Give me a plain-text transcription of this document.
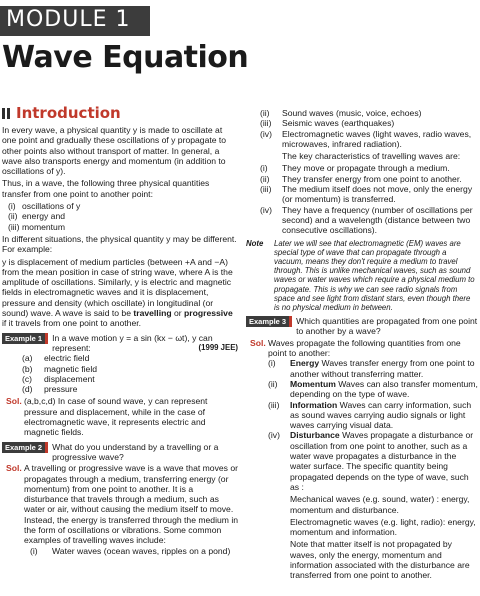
MODULE 1
Wave Equation
Introduction

In every wave, a physical quantity y is made to oscillate at one point and gradually these oscillations of y propagate to other points also without transport of matter. In general, a wave also transports energy and momentum (in addition to oscillations of y).

Thus, in a wave, the following three physical quantities transfer from one point to another point:

(i) oscillations of y
(ii) energy and
(iii) momentum

In different situations, the physical quantity y may be different. For example:

y is displacement of medium particles (between +A and −A) from the mean position in case of string wave, where A is the amplitude of oscillations. Similarly, y is electric and magnetic fields in electromagnetic waves and it is displacement, pressure and density (which oscillate) in longitudinal (or sound) wave. A wave is said to be travelling or progressive if it travels from one point to another.

Example 1	In a wave motion y = a sin (kx − ωt), y can represent:	(1999 JEE)
(a)	electric field
(b)	magnetic field
(c)	displacement
(d)	pressure
Sol. (a,b,c,d) In case of sound wave, y can represent pressure and displacement, while in the case of electromagnetic wave, it represents electric and magnetic fields.
Example 2	What do you understand by a travelling or a progressive wave?
Sol. A travelling or progressive wave is a wave that moves or propagates through a medium, transferring energy (or momentum) from one point to another. It is a disturbance that travels through a medium, such as water or air, without causing the medium itself to move. Instead, the energy is transferred through the medium in the form of oscillations or vibrations. Some common examples of travelling waves include:
(i)	Water waves (ocean waves, ripples on a pond)
(ii)	Sound waves (music, voice, echoes)
(iii)	Seismic waves (earthquakes)
(iv)	Electromagnetic waves (light waves, radio waves, microwaves, infrared radiation).

The key characteristics of travelling waves are:

(i)	They move or propagate through a medium.
(ii)	They transfer energy from one point to another.
(iii)	The medium itself does not move, only the energy (or momentum) is transferred.
(iv)	They have a frequency (number of oscillations per second) and a wavelength (distance between two consecutive oscillations).
Note	Later we will see that electromagnetic (EM) waves are special type of wave that can propagate through a vacuum, means they don't require a medium to travel through. This is unlike mechanical waves, such as sound waves or water waves which require a physical medium to propagate. This is why we can see radio signals from space and see light from distant stars, even though there is no physical medium in between.
Example 3	Which quantities are propagated from one point to another by a wave?
Sol. Waves propagate the following quantities from one point to another:
(i)	Energy Waves transfer energy from one point to another without transferring matter.
(ii)	Momentum Waves can also transfer momentum, depending on the type of wave.
(iii)	Information Waves can carry information, such as sound waves carrying audio signals or light waves carrying visual data.
(iv)	Disturbance Waves propagate a disturbance or oscillation from one point to another, such as a water wave propagates a disturbance in the water surface. The specific quantity being propagated depends on the type of wave, such as :
Mechanical waves (e.g. sound, water) : energy, momentum and disturbance.
Electromagnetic waves (e.g. light, radio): energy, momentum and information.
Note that matter itself is not propagated by waves, only the energy, momentum and information associated with the disturbance are transferred from one point to another.
